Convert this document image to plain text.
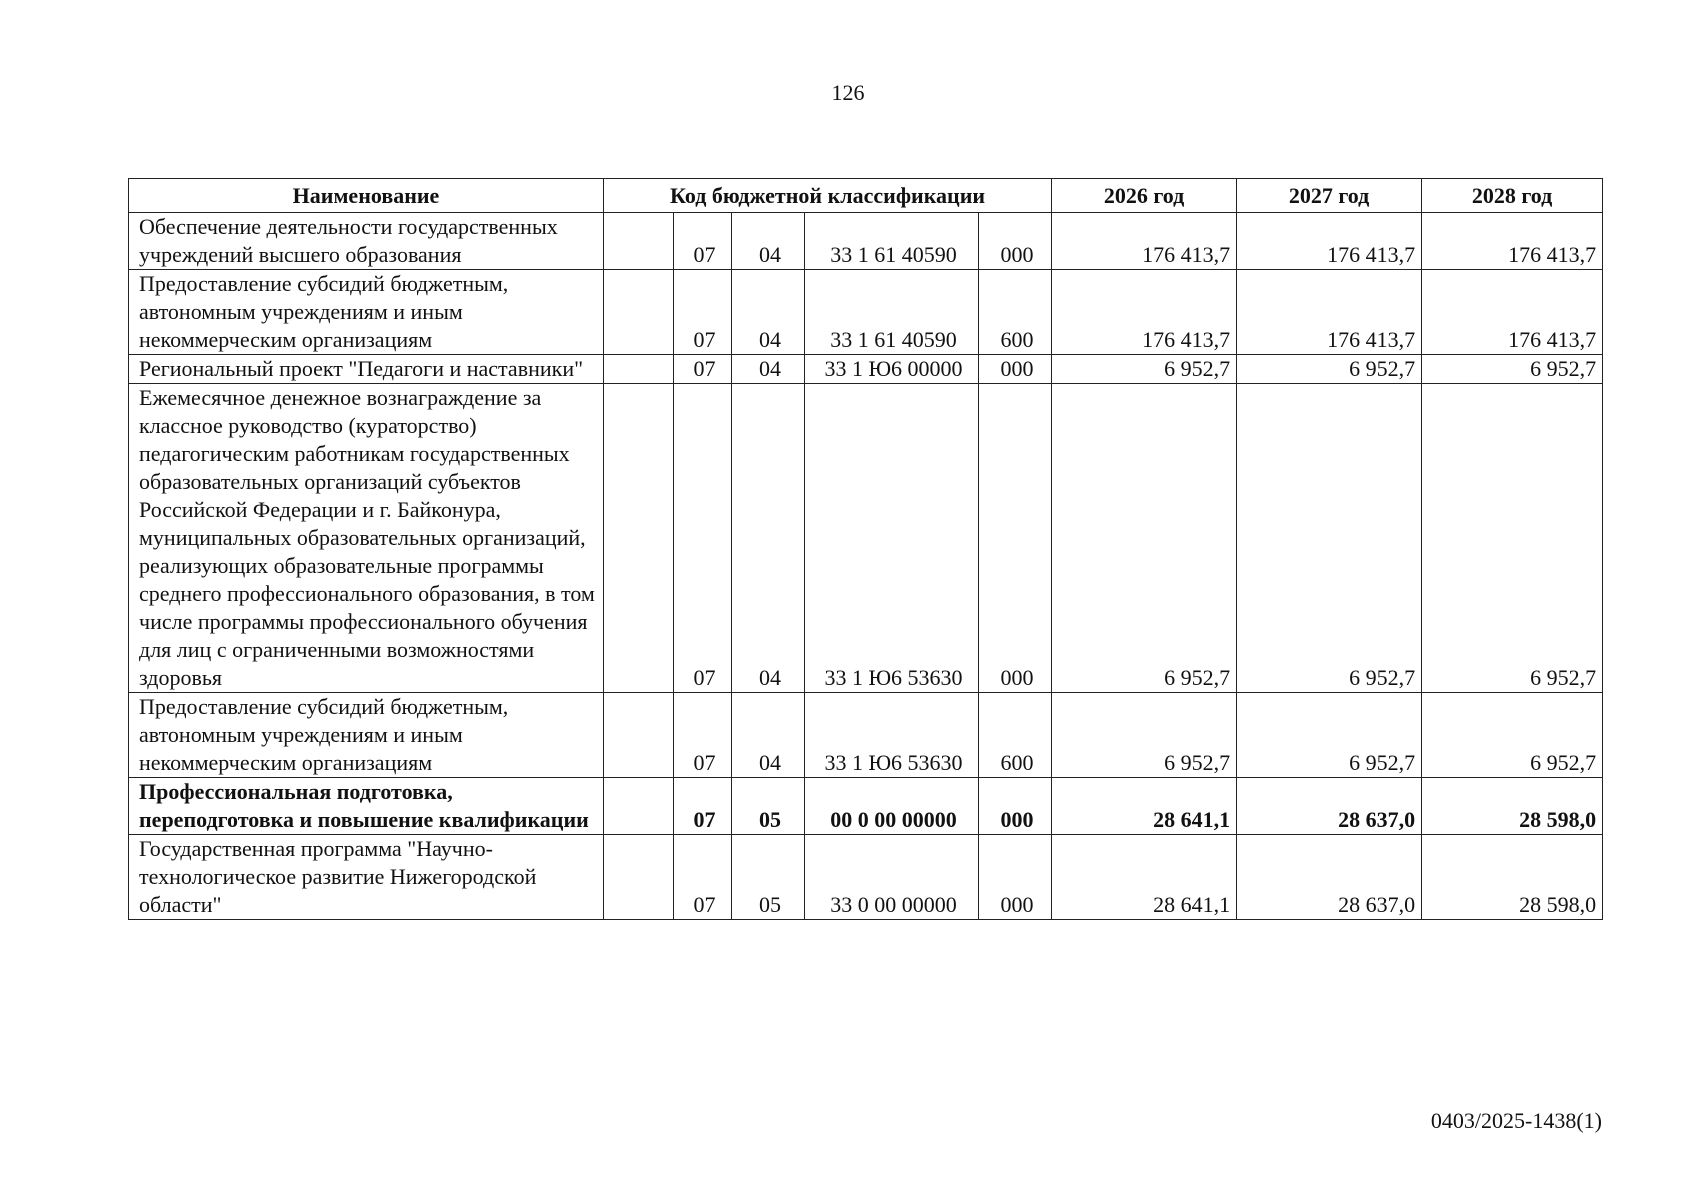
126
Наименование	Код бюджетной классификации					2026 год	2027 год	2028 год
Обеспечение деятельности государственных учреждений высшего образования		07	04	33 1 61 40590	000	176 413,7	176 413,7	176 413,7
Предоставление субсидий бюджетным, автономным учреждениям и иным некоммерческим организациям		07	04	33 1 61 40590	600	176 413,7	176 413,7	176 413,7
Региональный проект "Педагоги и наставники"		07	04	33 1 Ю6 00000	000	6 952,7	6 952,7	6 952,7
Ежемесячное денежное вознаграждение за классное руководство (кураторство) педагогическим работникам государственных образовательных организаций субъектов Российской Федерации и г. Байконура, муниципальных образовательных организаций, реализующих образовательные программы среднего профессионального образования, в том числе программы профессионального обучения для лиц с ограниченными возможностями здоровья		07	04	33 1 Ю6 53630	000	6 952,7	6 952,7	6 952,7
Предоставление субсидий бюджетным, автономным учреждениям и иным некоммерческим организациям		07	04	33 1 Ю6 53630	600	6 952,7	6 952,7	6 952,7
Профессиональная подготовка, переподготовка и повышение квалификации		07	05	00 0 00 00000	000	28 641,1	28 637,0	28 598,0
Государственная программа "Научно-технологическое развитие Нижегородской области"		07	05	33 0 00 00000	000	28 641,1	28 637,0	28 598,0
0403/2025-1438(1)
